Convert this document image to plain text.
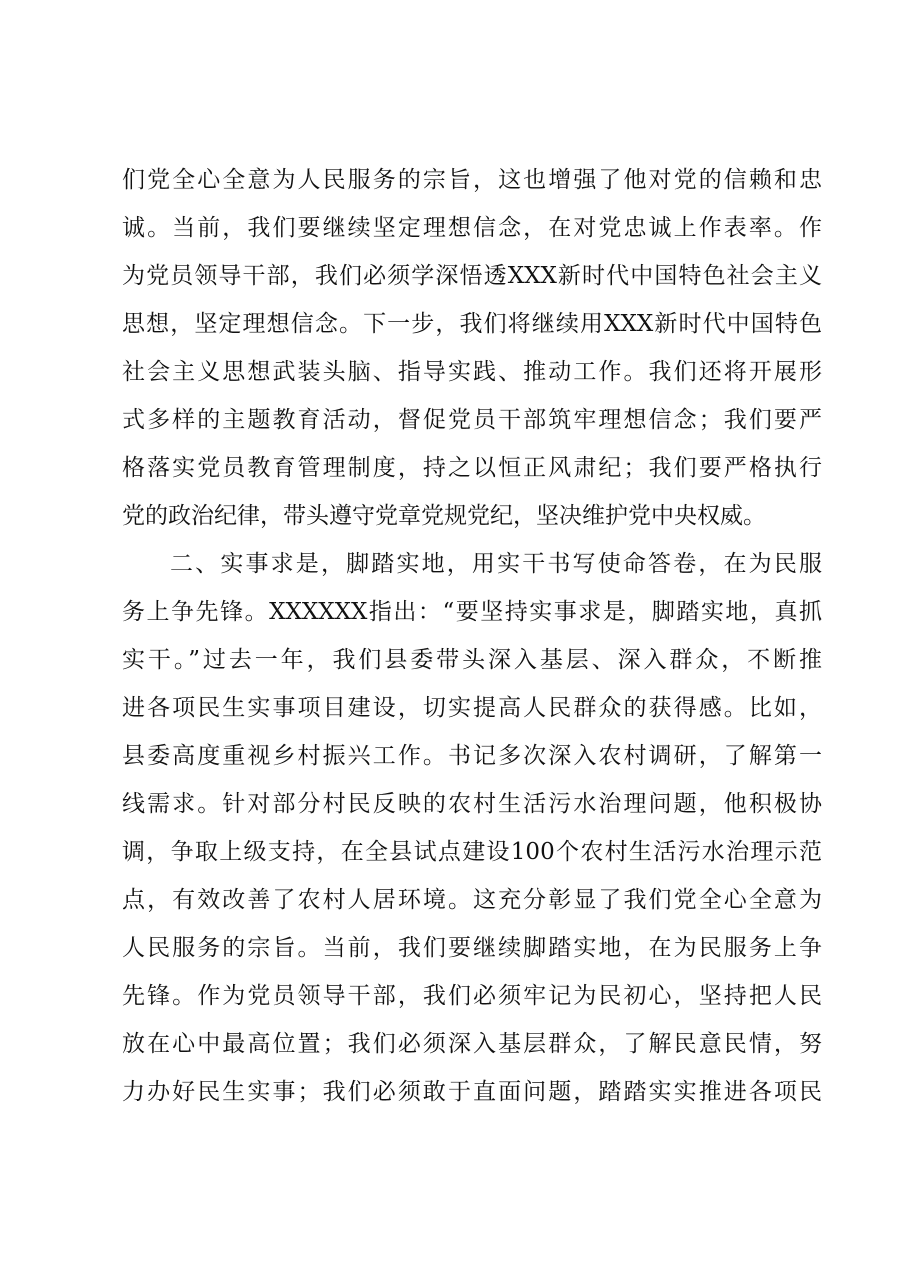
们党全心全意为人民服务的宗旨，这也增强了他对党的信赖和忠
诚。当前，我们要继续坚定理想信念，在对党忠诚上作表率。作
为党员领导干部，我们必须学深悟透XXX新时代中国特色社会主义
思想，坚定理想信念。下一步，我们将继续用XXX新时代中国特色
社会主义思想武装头脑、指导实践、推动工作。我们还将开展形
式多样的主题教育活动，督促党员干部筑牢理想信念；我们要严
格落实党员教育管理制度，持之以恒正风肃纪；我们要严格执行
党的政治纪律，带头遵守党章党规党纪，坚决维护党中央权威。
二、实事求是，脚踏实地，用实干书写使命答卷，在为民服
务上争先锋。XXXXXX指出：“要坚持实事求是，脚踏实地，真抓
实干。”过去一年，我们县委带头深入基层、深入群众，不断推
进各项民生实事项目建设，切实提高人民群众的获得感。比如，
县委高度重视乡村振兴工作。书记多次深入农村调研，了解第一
线需求。针对部分村民反映的农村生活污水治理问题，他积极协
调，争取上级支持，在全县试点建设100个农村生活污水治理示范
点，有效改善了农村人居环境。这充分彰显了我们党全心全意为
人民服务的宗旨。当前，我们要继续脚踏实地，在为民服务上争
先锋。作为党员领导干部，我们必须牢记为民初心，坚持把人民
放在心中最高位置；我们必须深入基层群众，了解民意民情，努
力办好民生实事；我们必须敢于直面问题，踏踏实实推进各项民
